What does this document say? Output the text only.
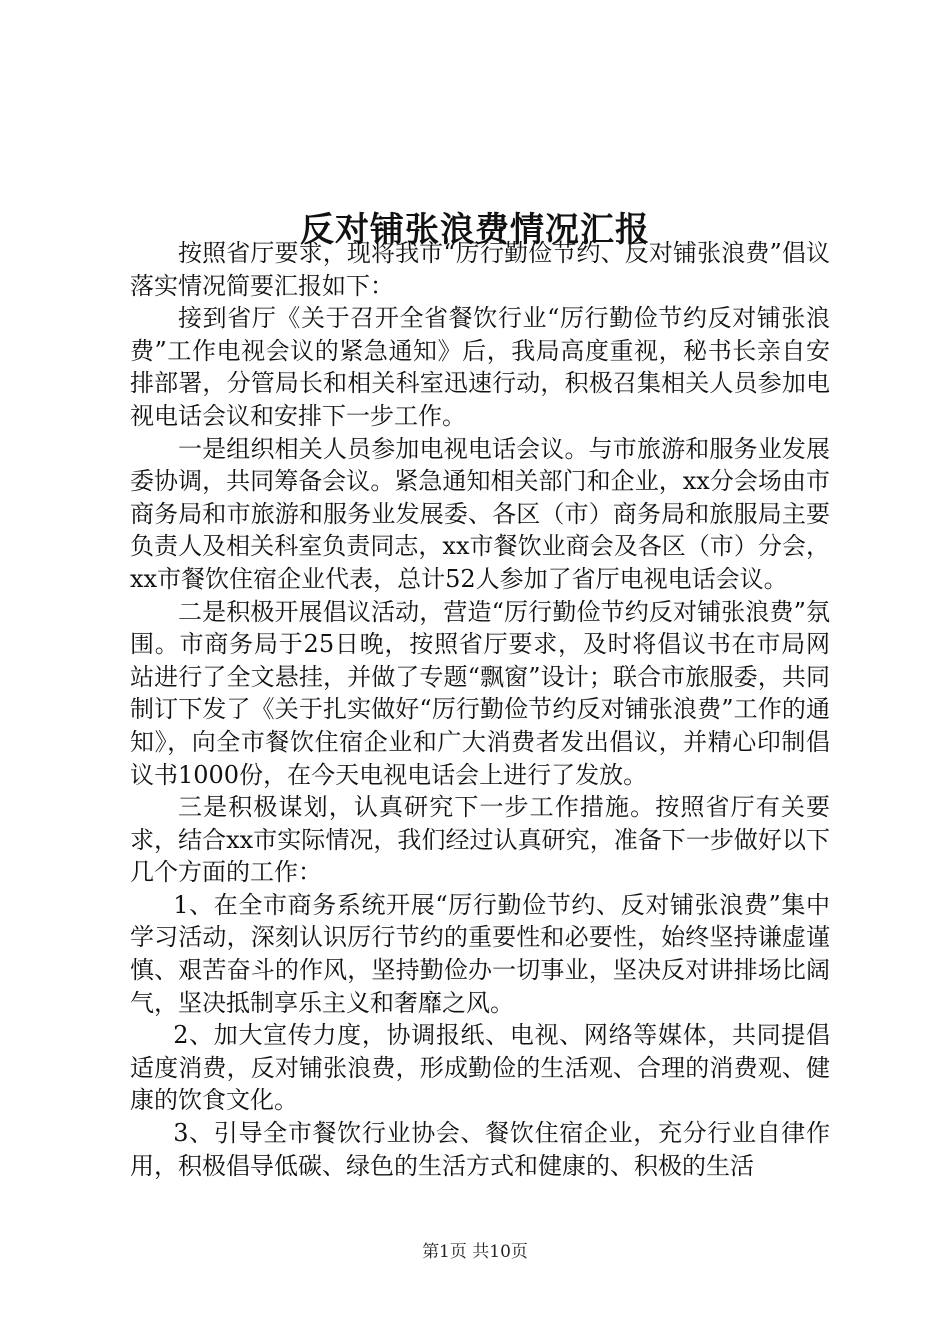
反对铺张浪费情况汇报

按照省厅要求，现将我市“厉行勤俭节约、反对铺张浪费”倡议落实情况简要汇报如下：

接到省厅《关于召开全省餐饮行业“厉行勤俭节约反对铺张浪费”工作电视会议的紧急通知》后，我局高度重视，秘书长亲自安排部署，分管局长和相关科室迅速行动，积极召集相关人员参加电视电话会议和安排下一步工作。

一是组织相关人员参加电视电话会议。与市旅游和服务业发展委协调，共同筹备会议。紧急通知相关部门和企业，xx分会场由市商务局和市旅游和服务业发展委、各区（市）商务局和旅服局主要负责人及相关科室负责同志，xx市餐饮业商会及各区（市）分会，xx市餐饮住宿企业代表，总计52人参加了省厅电视电话会议。

二是积极开展倡议活动，营造“厉行勤俭节约反对铺张浪费”氛围。市商务局于25日晚，按照省厅要求，及时将倡议书在市局网站进行了全文悬挂，并做了专题“飘窗”设计；联合市旅服委，共同制订下发了《关于扎实做好“厉行勤俭节约反对铺张浪费”工作的通知》，向全市餐饮住宿企业和广大消费者发出倡议，并精心印制倡议书1000份，在今天电视电话会上进行了发放。

三是积极谋划，认真研究下一步工作措施。按照省厅有关要求，结合xx市实际情况，我们经过认真研究，准备下一步做好以下几个方面的工作：

1、在全市商务系统开展“厉行勤俭节约、反对铺张浪费”集中学习活动，深刻认识厉行节约的重要性和必要性，始终坚持谦虚谨慎、艰苦奋斗的作风，坚持勤俭办一切事业，坚决反对讲排场比阔气，坚决抵制享乐主义和奢靡之风。

2、加大宣传力度，协调报纸、电视、网络等媒体，共同提倡适度消费，反对铺张浪费，形成勤俭的生活观、合理的消费观、健康的饮食文化。

3、引导全市餐饮行业协会、餐饮住宿企业，充分行业自律作用，积极倡导低碳、绿色的生活方式和健康的、积极的生活

第1页 共10页
